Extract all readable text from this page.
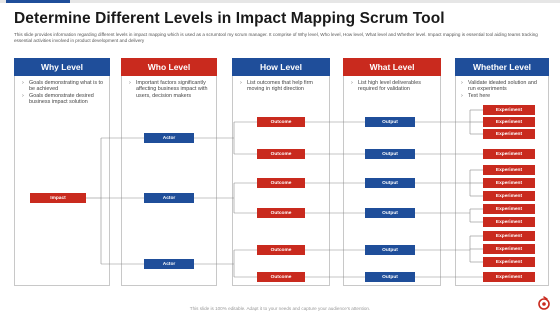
Determine Different Levels in Impact Mapping Scrum Tool
This slide provides information regarding different levels in impact mapping which is used as a scrumtool my scrum manager. It comprise of Why level, Who level, How level, What level and Whether level. Impact mapping is essential tool aiding teams tracking essential activities involved in product development and delivery
Why Level
› Goals demonstrating what is to be achieved
› Goals demonstrate desired business impact solution
Who Level
› Important factors significantly affecting business impact with users, decision makers
How Level
› List outcomes that help firm moving in right direction
What Level
› List high level deliverables required for validation
Whether Level
› Validate ideated solution and run experiments
› Text here
Impact
Actor
Actor
Actor
Outcome
Outcome
Outcome
Outcome
Outcome
Outcome
Output
Output
Output
Output
Output
Output
Experiment
Experiment
Experiment
Experiment
Experiment
Experiment
Experiment
Experiment
Experiment
Experiment
Experiment
Experiment
Experiment
This slide is 100% editable. Adapt it to your needs and capture your audience's attention.
